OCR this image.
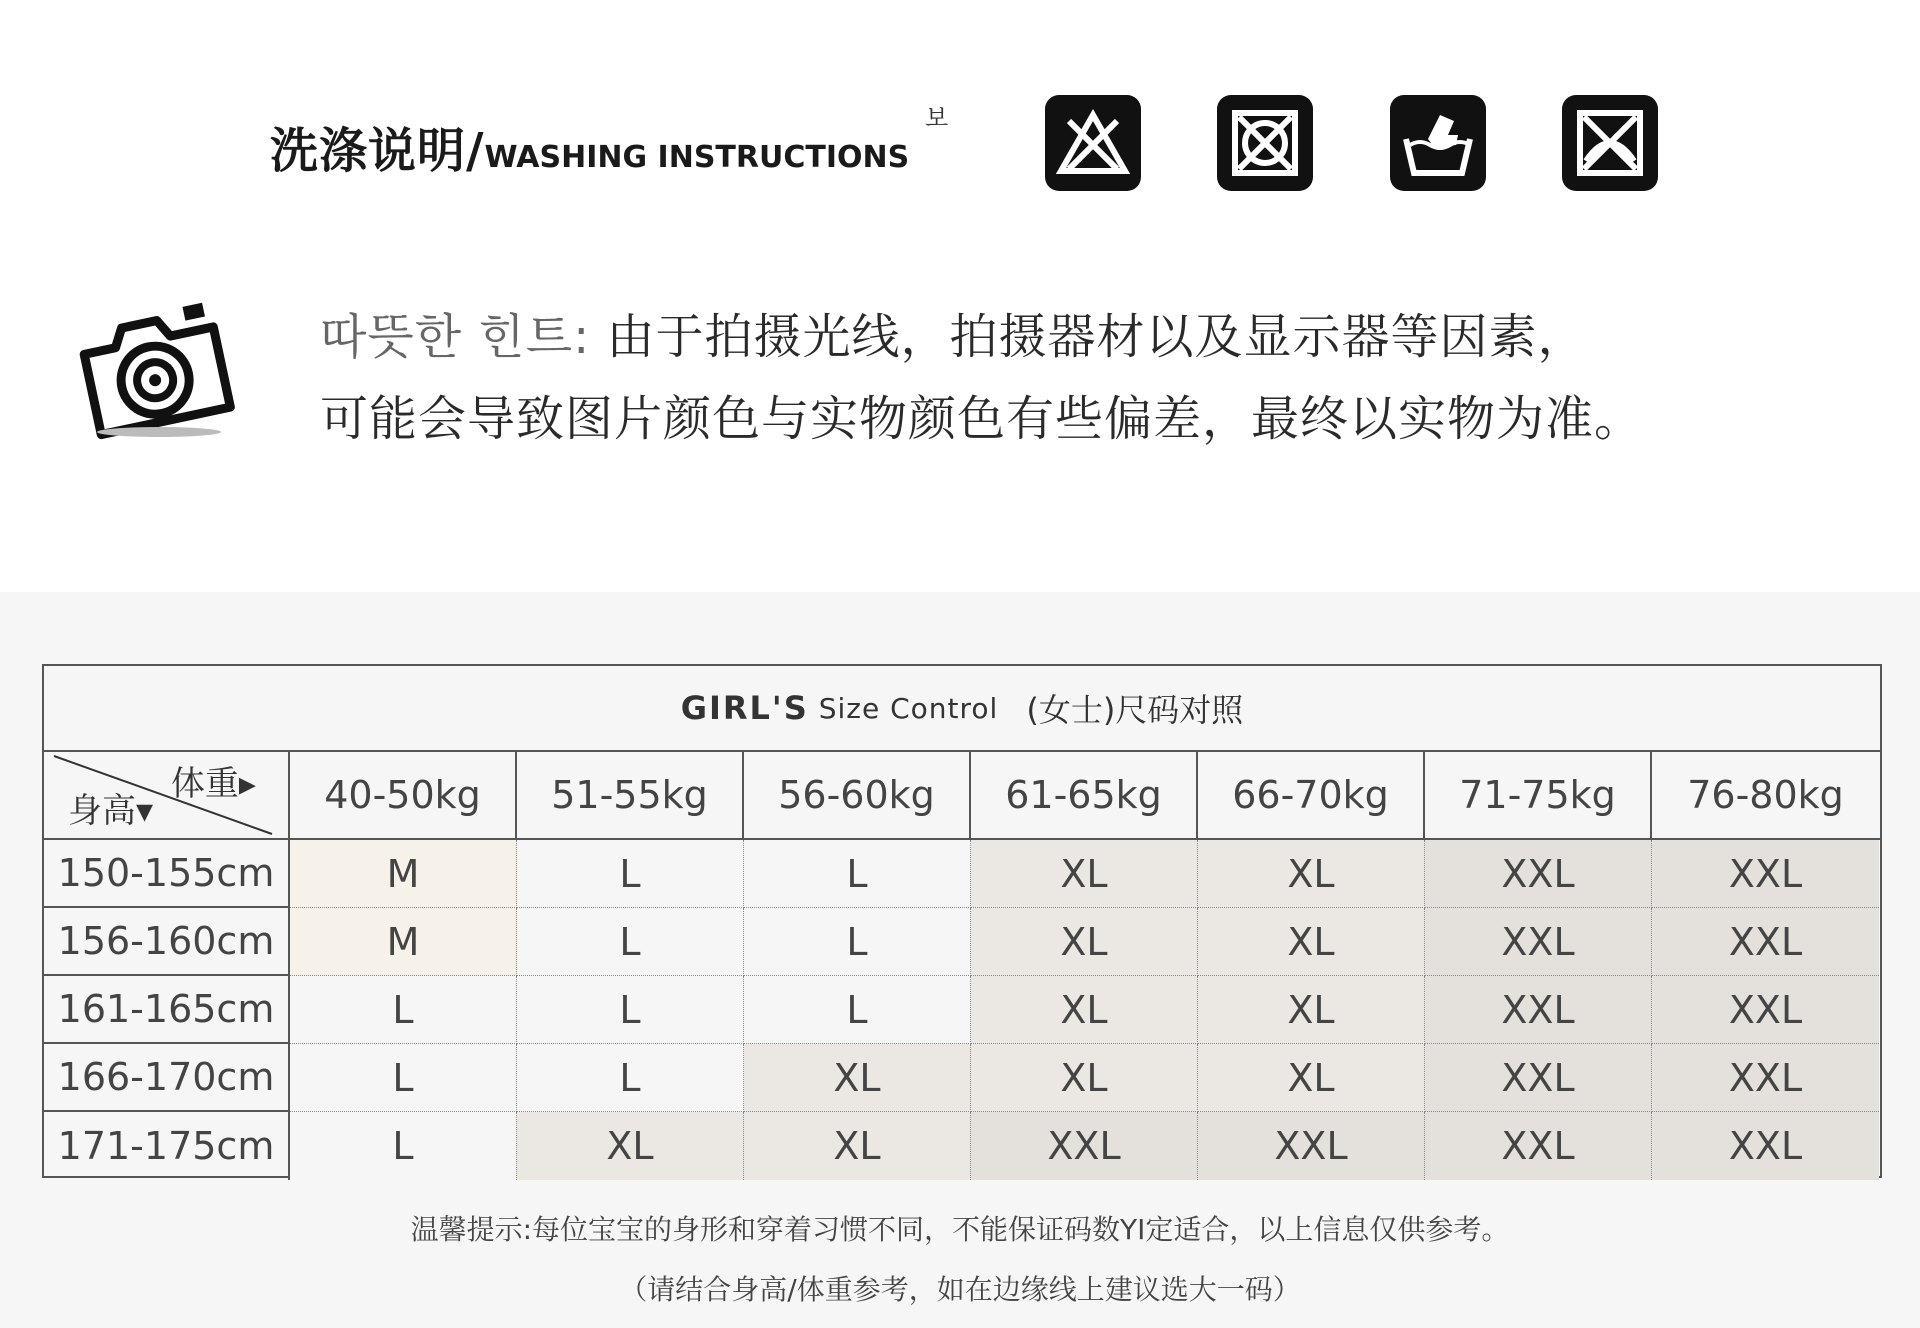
洗涤说明/WASHING INSTRUCTIONS
보
따뜻한 힌트: 由于拍摄光线，拍摄器材以及显示器等因素，
可能会导致图片颜色与实物颜色有些偏差，最终以实物为准。
GIRL'S Size Control (女士)尺码对照
体重▸
身高▾	40-50kg	51-55kg	56-60kg	61-65kg	66-70kg	71-75kg	76-80kg
150-155cm	M	L	L	XL	XL	XXL	XXL
156-160cm	M	L	L	XL	XL	XXL	XXL
161-165cm	L	L	L	XL	XL	XXL	XXL
166-170cm	L	L	XL	XL	XL	XXL	XXL
171-175cm	L	XL	XL	XXL	XXL	XXL	XXL
温馨提示:每位宝宝的身形和穿着习惯不同，不能保证码数YI定适合，以上信息仅供参考。
（请结合身高/体重参考，如在边缘线上建议选大一码）
